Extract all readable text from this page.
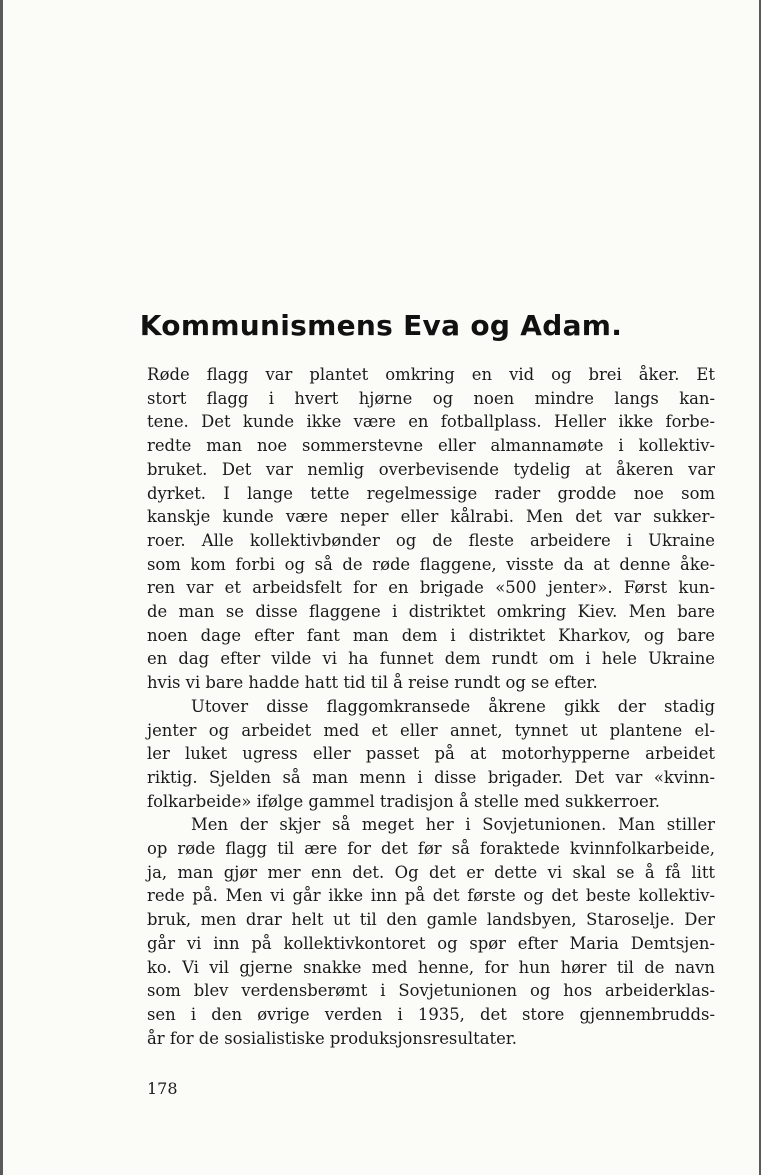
Kommunismens Eva og Adam.
Røde flagg var plantet omkring en vid og brei åker. Et
stort flagg i hvert hjørne og noen mindre langs kan-
tene. Det kunde ikke være en fotballplass. Heller ikke forbe-
redte man noe sommerstevne eller almannamøte i kollektiv-
bruket. Det var nemlig overbevisende tydelig at åkeren var
dyrket. I lange tette regelmessige rader grodde noe som
kanskje kunde være neper eller kålrabi. Men det var sukker-
roer. Alle kollektivbønder og de fleste arbeidere i Ukraine
som kom forbi og så de røde flaggene, visste da at denne åke-
ren var et arbeidsfelt for en brigade «500 jenter». Først kun-
de man se disse flaggene i distriktet omkring Kiev. Men bare
noen dage efter fant man dem i distriktet Kharkov, og bare
en dag efter vilde vi ha funnet dem rundt om i hele Ukraine
hvis vi bare hadde hatt tid til å reise rundt og se efter.
Utover disse flaggomkransede åkrene gikk der stadig
jenter og arbeidet med et eller annet, tynnet ut plantene el-
ler luket ugress eller passet på at motorhypperne arbeidet
riktig. Sjelden så man menn i disse brigader. Det var «kvinn-
folkarbeide» ifølge gammel tradisjon å stelle med sukkerroer.
Men der skjer så meget her i Sovjetunionen. Man stiller
op røde flagg til ære for det før så foraktede kvinnfolkarbeide,
ja, man gjør mer enn det. Og det er dette vi skal se å få litt
rede på. Men vi går ikke inn på det første og det beste kollektiv-
bruk, men drar helt ut til den gamle landsbyen, Staroselje. Der
går vi inn på kollektivkontoret og spør efter Maria Demtsjen-
ko. Vi vil gjerne snakke med henne, for hun hører til de navn
som blev verdensberømt i Sovjetunionen og hos arbeiderklas-
sen i den øvrige verden i 1935, det store gjennembrudds-
år for de sosialistiske produksjonsresultater.
178
